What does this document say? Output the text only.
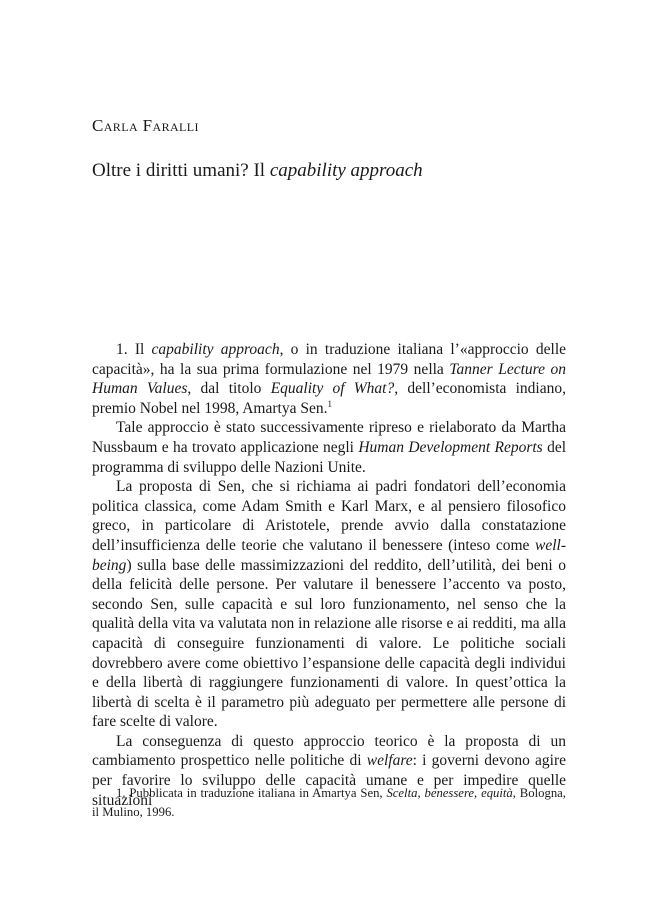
Carla Faralli
Oltre i diritti umani? Il capability approach

1. Il capability approach, o in traduzione italiana l’«approccio delle capacità», ha la sua prima formulazione nel 1979 nella Tanner Lecture on Human Values, dal titolo Equality of What?, dell’economista indiano, premio Nobel nel 1998, Amartya Sen.$^1$

Tale approccio è stato successivamente ripreso e rielaborato da Martha Nussbaum e ha trovato applicazione negli Human Development Reports del programma di sviluppo delle Nazioni Unite.

La proposta di Sen, che si richiama ai padri fondatori dell’economia politica classica, come Adam Smith e Karl Marx, e al pensiero filosofico greco, in particolare di Aristotele, prende avvio dalla constatazione dell’insufficienza delle teorie che valutano il benessere (inteso come well-being) sulla base delle massimizzazioni del reddito, dell’utilità, dei beni o della felicità delle persone. Per valutare il benessere l’accento va posto, secondo Sen, sulle capacità e sul loro funzionamento, nel senso che la qualità della vita va valutata non in relazione alle risorse e ai redditi, ma alla capacità di conseguire funzionamenti di valore. Le politiche sociali dovrebbero avere come obiettivo l’espansione delle capacità degli individui e della libertà di raggiungere funzionamenti di valore. In quest’ottica la libertà di scelta è il parametro più adeguato per permettere alle persone di fare scelte di valore.

La conseguenza di questo approccio teorico è la proposta di un cambiamento prospettico nelle politiche di welfare: i governi devono agire per favorire lo sviluppo delle capacità umane e per impedire quelle situazioni

1. Pubblicata in traduzione italiana in Amartya Sen, Scelta, benessere, equità, Bologna, il Mulino, 1996.
